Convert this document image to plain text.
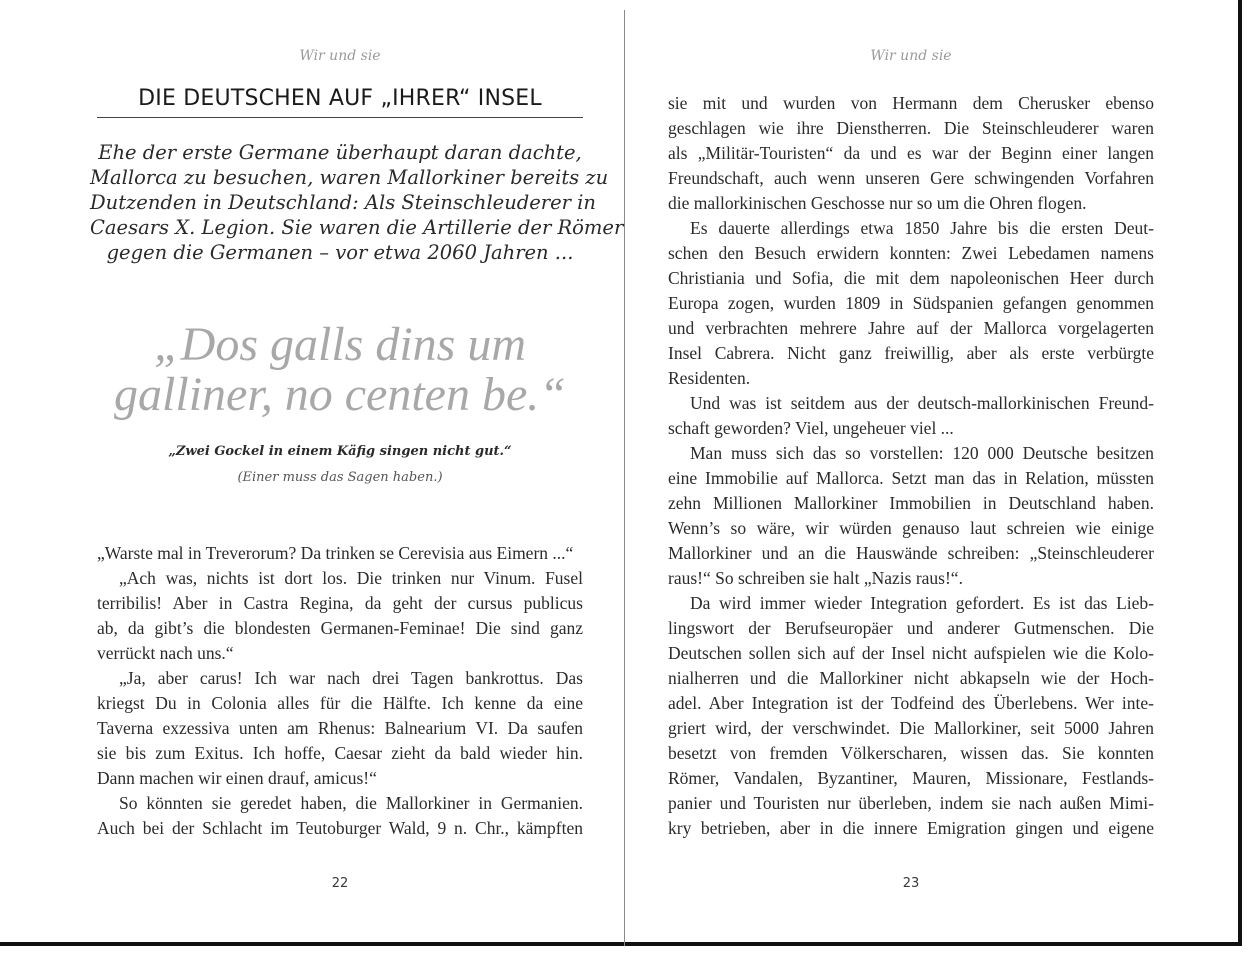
Wir und sie
DIE DEUTSCHEN AUF „IHRER“ INSEL
Ehe der erste Germane überhaupt daran dachte,
Mallorca zu besuchen, waren Mallorkiner bereits zu
Dutzenden in Deutschland: Als Steinschleuderer in
Caesars X. Legion. Sie waren die Artillerie der Römer
gegen die Germanen – vor etwa 2060 Jahren ...
„Dos galls dins um
galliner, no centen be.“
„Zwei Gockel in einem Käfig singen nicht gut.“
(Einer muss das Sagen haben.)
„Warste mal in Treverorum? Da trinken se Cerevisia aus Eimern ...“
„Ach was, nichts ist dort los. Die trinken nur Vinum. Fusel
terribilis! Aber in Castra Regina, da geht der cursus publicus
ab, da gibt’s die blondesten Germanen-Feminae! Die sind ganz
verrückt nach uns.“
„Ja, aber carus! Ich war nach drei Tagen bankrottus. Das
kriegst Du in Colonia alles für die Hälfte. Ich kenne da eine
Taverna exzessiva unten am Rhenus: Balnearium VI. Da saufen
sie bis zum Exitus. Ich hoffe, Caesar zieht da bald wieder hin.
Dann machen wir einen drauf, amicus!“
So könnten sie geredet haben, die Mallorkiner in Germanien.
Auch bei der Schlacht im Teutoburger Wald, 9 n. Chr., kämpften
22
Wir und sie
sie mit und wurden von Hermann dem Cherusker ebenso
geschlagen wie ihre Dienstherren. Die Steinschleuderer waren
als „Militär-Touristen“ da und es war der Beginn einer langen
Freundschaft, auch wenn unseren Gere schwingenden Vorfahren
die mallorkinischen Geschosse nur so um die Ohren flogen.
Es dauerte allerdings etwa 1850 Jahre bis die ersten Deut-
schen den Besuch erwidern konnten: Zwei Lebedamen namens
Christiania und Sofia, die mit dem napoleonischen Heer durch
Europa zogen, wurden 1809 in Südspanien gefangen genommen
und verbrachten mehrere Jahre auf der Mallorca vorgelagerten
Insel Cabrera. Nicht ganz freiwillig, aber als erste verbürgte
Residenten.
Und was ist seitdem aus der deutsch-mallorkinischen Freund-
schaft geworden? Viel, ungeheuer viel ...
Man muss sich das so vorstellen: 120 000 Deutsche besitzen
eine Immobilie auf Mallorca. Setzt man das in Relation, müssten
zehn Millionen Mallorkiner Immobilien in Deutschland haben.
Wenn’s so wäre, wir würden genauso laut schreien wie einige
Mallorkiner und an die Hauswände schreiben: „Steinschleuderer
raus!“ So schreiben sie halt „Nazis raus!“.
Da wird immer wieder Integration gefordert. Es ist das Lieb-
lingswort der Berufseuropäer und anderer Gutmenschen. Die
Deutschen sollen sich auf der Insel nicht aufspielen wie die Kolo-
nialherren und die Mallorkiner nicht abkapseln wie der Hoch-
adel. Aber Integration ist der Todfeind des Überlebens. Wer inte-
griert wird, der verschwindet. Die Mallorkiner, seit 5000 Jahren
besetzt von fremden Völkerscharen, wissen das. Sie konnten
Römer, Vandalen, Byzantiner, Mauren, Missionare, Festlands-
panier und Touristen nur überleben, indem sie nach außen Mimi-
kry betrieben, aber in die innere Emigration gingen und eigene
23
